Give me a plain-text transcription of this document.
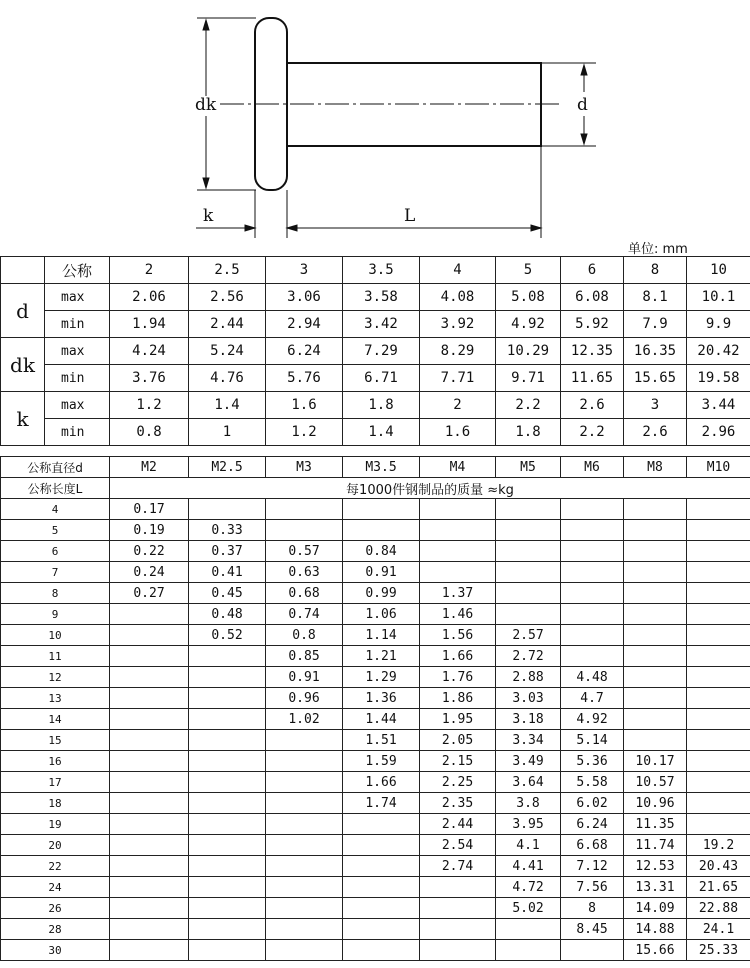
dk	d
k	L
单位: mm
	公称	2	2.5	3	3.5	4	5	6	8	10
d	max	2.06	2.56	3.06	3.58	4.08	5.08	6.08	8.1	10.1
	min	1.94	2.44	2.94	3.42	3.92	4.92	5.92	7.9	9.9
dk	max	4.24	5.24	6.24	7.29	8.29	10.29	12.35	16.35	20.42
	min	3.76	4.76	5.76	6.71	7.71	9.71	11.65	15.65	19.58
k	max	1.2	1.4	1.6	1.8	2	2.2	2.6	3	3.44
	min	0.8	1	1.2	1.4	1.6	1.8	2.2	2.6	2.96
公称直径d	M2	M2.5	M3	M3.5	M4	M5	M6	M8	M10
公称长度L	每1000件钢制品的质量 ≈kg								
4	0.17								
5	0.19	0.33							
6	0.22	0.37	0.57	0.84					
7	0.24	0.41	0.63	0.91					
8	0.27	0.45	0.68	0.99	1.37				
9		0.48	0.74	1.06	1.46				
10		0.52	0.8	1.14	1.56	2.57			
11			0.85	1.21	1.66	2.72			
12			0.91	1.29	1.76	2.88	4.48		
13			0.96	1.36	1.86	3.03	4.7		
14			1.02	1.44	1.95	3.18	4.92		
15				1.51	2.05	3.34	5.14		
16				1.59	2.15	3.49	5.36	10.17	
17				1.66	2.25	3.64	5.58	10.57	
18				1.74	2.35	3.8	6.02	10.96	
19					2.44	3.95	6.24	11.35	
20					2.54	4.1	6.68	11.74	19.2
22					2.74	4.41	7.12	12.53	20.43
24						4.72	7.56	13.31	21.65
26						5.02	8	14.09	22.88
28							8.45	14.88	24.1
30								15.66	25.33
